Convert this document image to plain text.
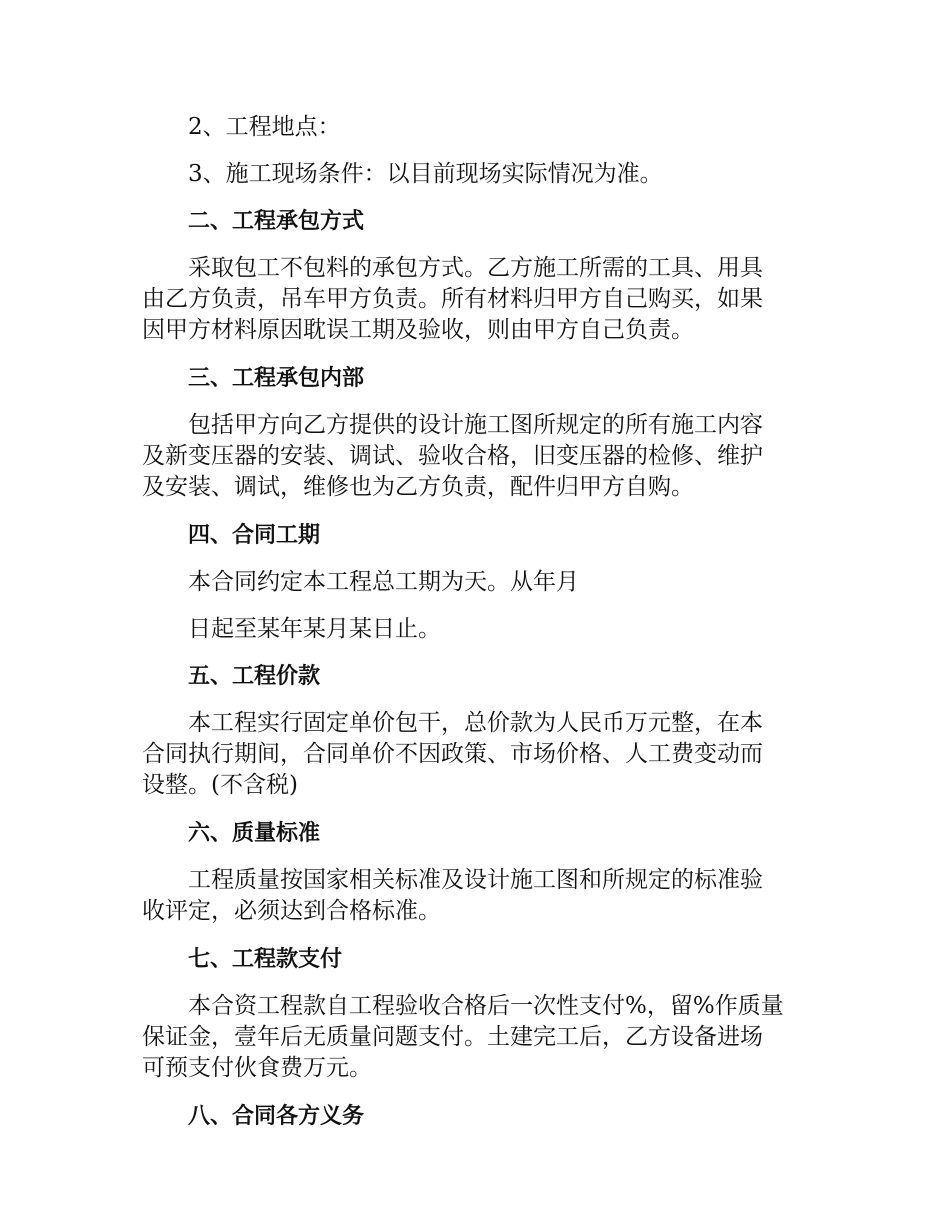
2、工程地点：

3、施工现场条件：以目前现场实际情况为准。

二、工程承包方式

采取包工不包料的承包方式。乙方施工所需的工具、用具

由乙方负责，吊车甲方负责。所有材料归甲方自己购买，如果

因甲方材料原因耽误工期及验收，则由甲方自己负责。

三、工程承包内部

包括甲方向乙方提供的设计施工图所规定的所有施工内容

及新变压器的安装、调试、验收合格，旧变压器的检修、维护

及安装、调试，维修也为乙方负责，配件归甲方自购。

四、合同工期

本合同约定本工程总工期为天。从年月

日起至某年某月某日止。

五、工程价款

本工程实行固定单价包干，总价款为人民币万元整，在本

合同执行期间，合同单价不因政策、市场价格、人工费变动而

设整。(不含税)

六、质量标准

工程质量按国家相关标准及设计施工图和所规定的标准验

收评定，必须达到合格标准。

七、工程款支付

本合资工程款自工程验收合格后一次性支付%，留%作质量

保证金，壹年后无质量问题支付。土建完工后，乙方设备进场

可预支付伙食费万元。

八、合同各方义务
